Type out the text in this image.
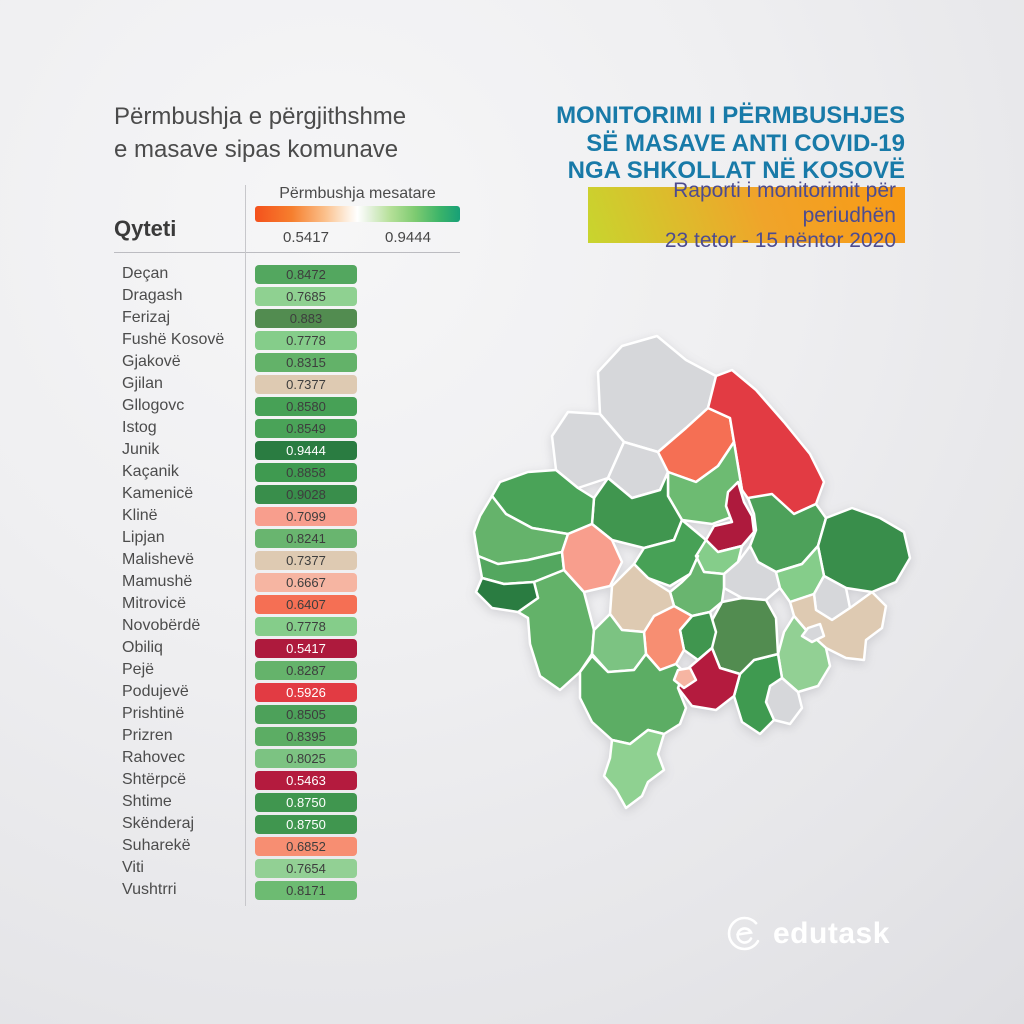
Përmbushja e përgjithshme
e masave sipas komunave
Përmbushja mesatare
0.5417	0.9444
Qyteti
Deçan	0.8472
Dragash	0.7685
Ferizaj	0.883
Fushë Kosovë	0.7778
Gjakovë	0.8315
Gjilan	0.7377
Gllogovc	0.8580
Istog	0.8549
Junik	0.9444
Kaçanik	0.8858
Kamenicë	0.9028
Klinë	0.7099
Lipjan	0.8241
Malishevë	0.7377
Mamushë	0.6667
Mitrovicë	0.6407
Novobërdë	0.7778
Obiliq	0.5417
Pejë	0.8287
Podujevë	0.5926
Prishtinë	0.8505
Prizren	0.8395
Rahovec	0.8025
Shtërpcë	0.5463
Shtime	0.8750
Skënderaj	0.8750
Suharekë	0.6852
Viti	0.7654
Vushtrri	0.8171
MONITORIMI I PËRMBUSHJES
SË MASAVE ANTI COVID-19
NGA SHKOLLAT NË KOSOVË
Raporti i monitorimit për periudhën
23 tetor - 15 nëntor 2020
edutask
